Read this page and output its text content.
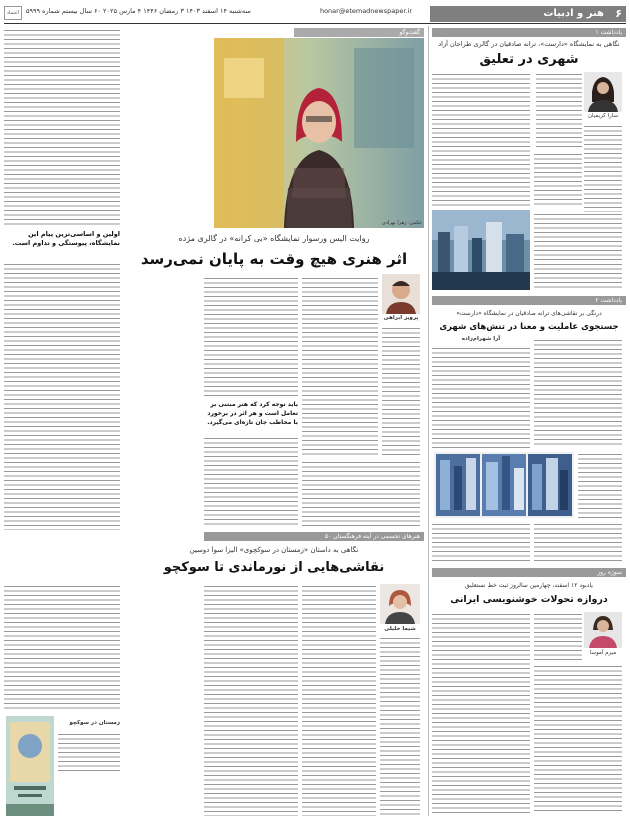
هنر و ادبیات	۶
honar@etemadnewspaper.ir
سه‌شنبه ۱۴ اسفند ۱۴۰۳ ۳ رمضان ۱۴۴۶ ۴ مارس ۲۰۲۵ ۶۰ سال بیستم شماره ۵۹۹۹
اعتماد
یادداشت ۱
نگاهی به نمایشگاه «دارست»، ترانه صادقیان در گالری طراحان آزاد
شهری در تعلیق
سارا کریمیان
یادداشت ۲
درنگی بر نقاشی‌های ترانه صادقیان در نمایشگاه «دارست»
جستجوی عاملیت و معنا در تنش‌های شهری
آرا شهرام‌زاده
سوژه روز
یادبود ۱۲ اسفند، چهارمین سالروز ثبت خط نستعلیق
دروازه تحولات خوشنویسی ایرانی
میرم آموسا
گفت‌وگو
عکس: زهرا بهزادی
اولین و اساسی‌ترین پیام این نمایشگاه، پیوستگی و تداوم است.	روایت الیس ورسوار نمایشگاه «بی کرانه» در گالری مژده
اثر هنری هیچ وقت به پایان نمی‌رسد
پرویز ابراهی
باید توجه کرد که هنر مبتنی بر تعامل است و هر اثر در برخورد با مخاطب جان تازه‌ای می‌گیرد.
هنرهای تجسمی در آینه فرهنگستان ۵۰
نگاهی به داستان «زمستان در سوکچوی» الیزا سوا دوسین
نقاشی‌هایی از نورماندی تا سوکچو
شیما خلیلی
زمستان در سوکچو
